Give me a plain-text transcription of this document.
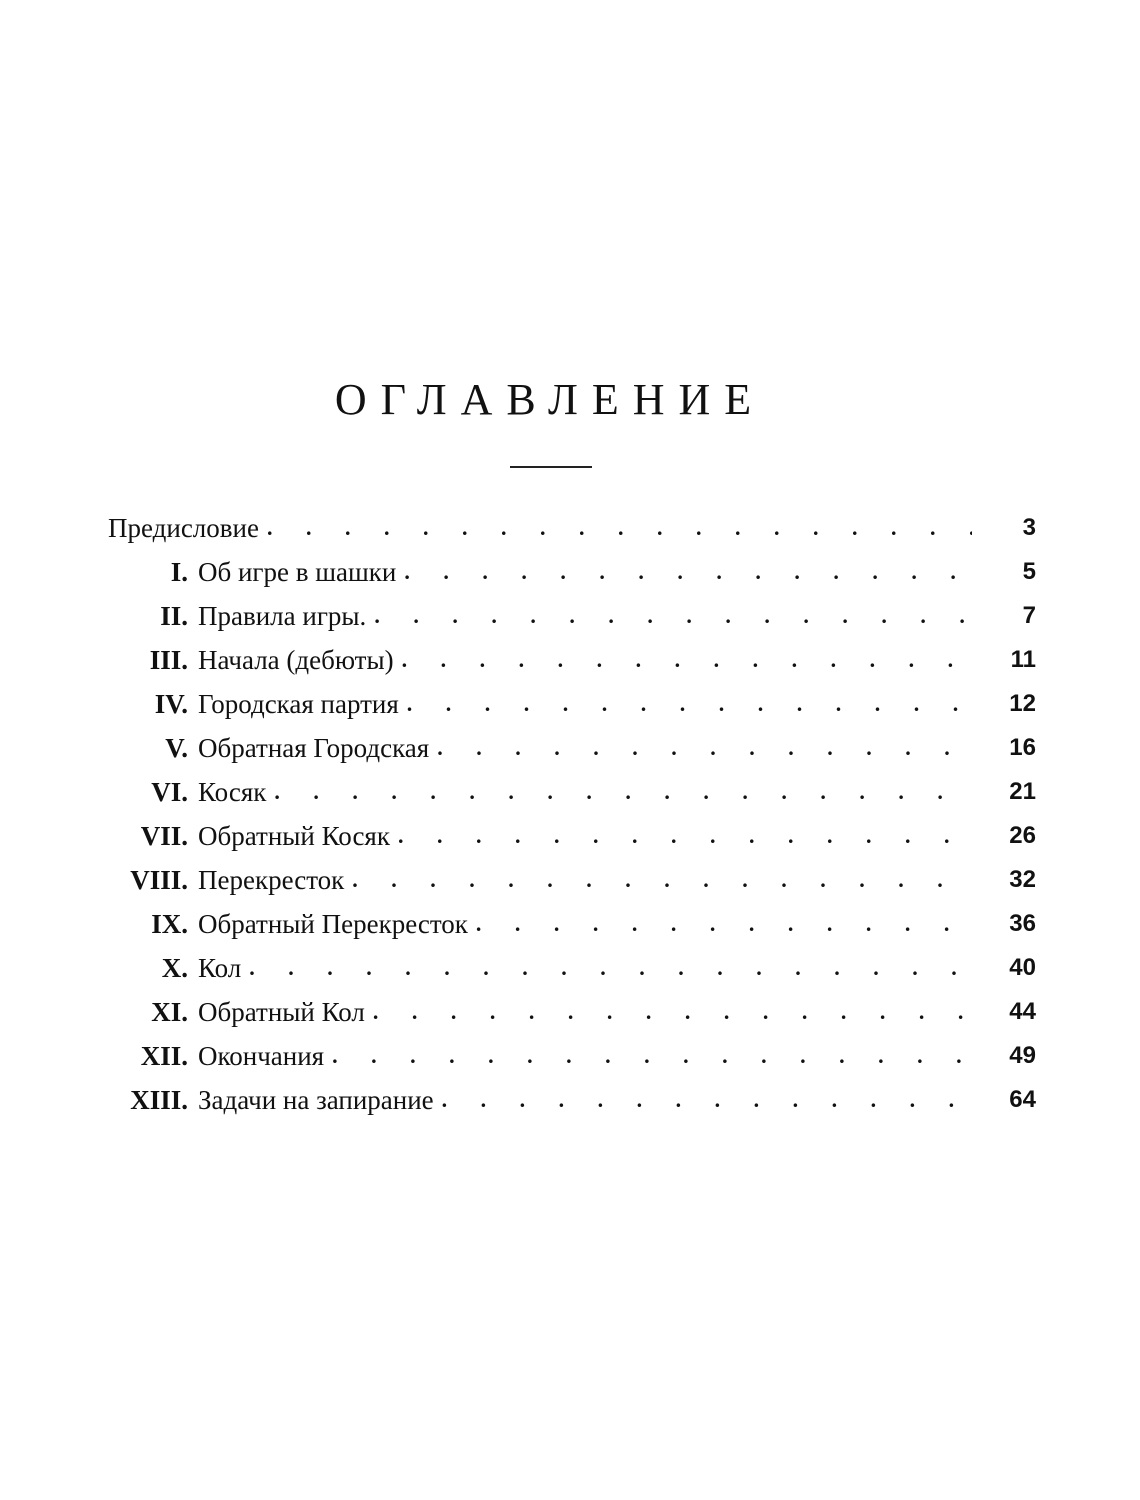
ОГЛАВЛЕНИЕ
Предисловие . . .	3
I. Об игре в шашки . . .	5
II. Правила игры. . . .	7
III. Начала (дебюты) . . .	11
IV. Городская партия . . .	12
V. Обратная Городская . . .	16
VI. Косяк . . .	21
VII. Обратный Косяк . . .	26
VIII. Перекресток . . .	32
IX. Обратный Перекресток . . .	36
X. Кол . . .	40
XI. Обратный Кол . . .	44
XII. Окончания . . .	49
XIII. Задачи на запирание . . .	64
